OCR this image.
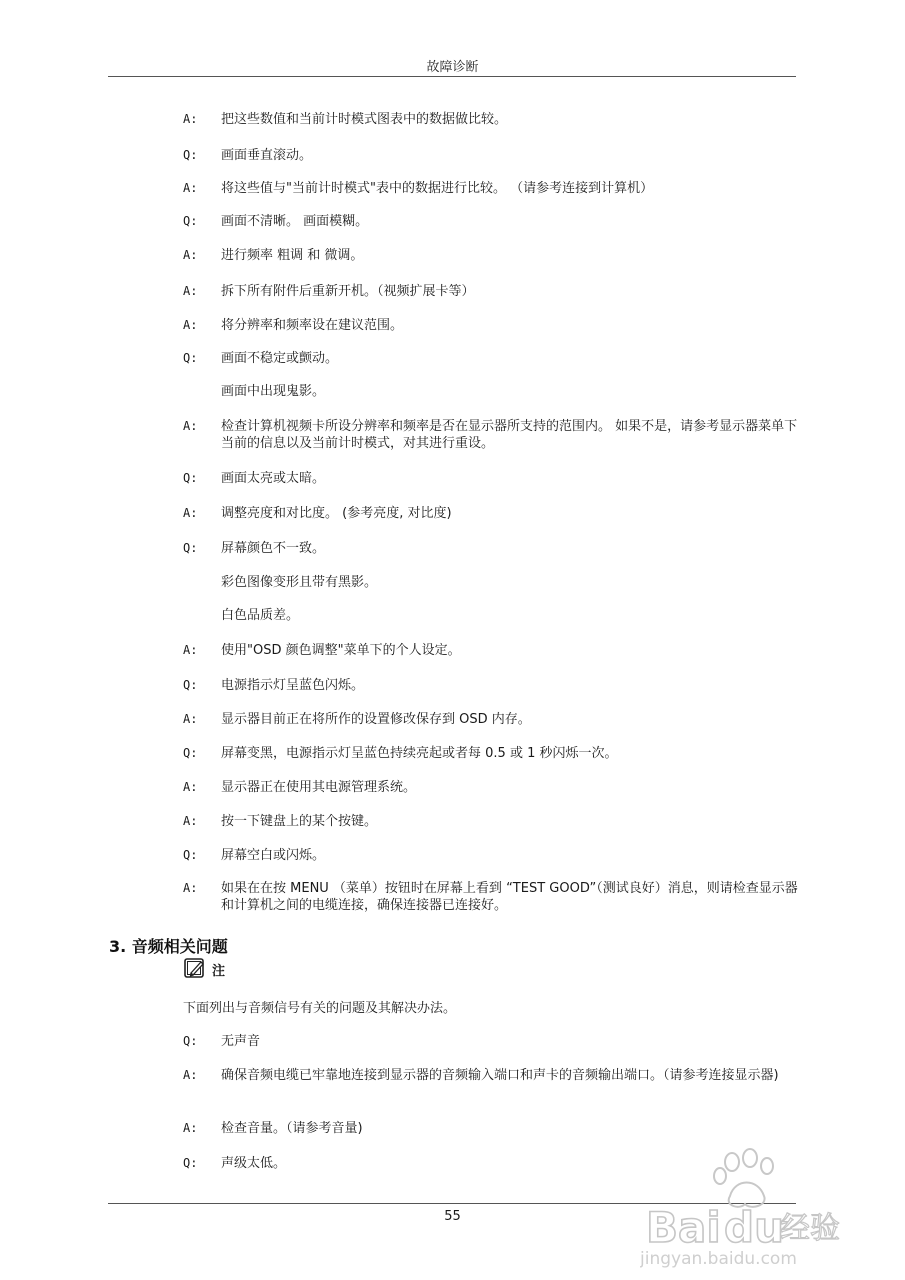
故障诊断
A:	把这些数值和当前计时模式图表中的数据做比较。
Q:	画面垂直滚动。
A:	将这些值与"当前计时模式"表中的数据进行比较。 （请参考连接到计算机）
Q:	画面不清晰。 画面模糊。
A:	进行频率 粗调 和 微调。
A:	拆下所有附件后重新开机。（视频扩展卡等）
A:	将分辨率和频率设在建议范围。
Q:	画面不稳定或颤动。
画面中出现鬼影。
A:	检查计算机视频卡所设分辨率和频率是否在显示器所支持的范围内。 如果不是，请参考显示器菜单下当前的信息以及当前计时模式，对其进行重设。
Q:	画面太亮或太暗。
A:	调整亮度和对比度。 (参考亮度, 对比度)
Q:	屏幕颜色不一致。
彩色图像变形且带有黑影。
白色品质差。
A:	使用"OSD 颜色调整"菜单下的个人设定。
Q:	电源指示灯呈蓝色闪烁。
A:	显示器目前正在将所作的设置修改保存到 OSD 内存。
Q:	屏幕变黑，电源指示灯呈蓝色持续亮起或者每 0.5 或 1 秒闪烁一次。
A:	显示器正在使用其电源管理系统。
A:	按一下键盘上的某个按键。
Q:	屏幕空白或闪烁。
A:	如果在在按 MENU （菜单）按钮时在屏幕上看到 “TEST GOOD”（测试良好）消息，则请检查显示器和计算机之间的电缆连接，确保连接器已连接好。
3. 音频相关问题
注
下面列出与音频信号有关的问题及其解决办法。
Q:	无声音
A:	确保音频电缆已牢靠地连接到显示器的音频输入端口和声卡的音频输出端口。（请参考连接显示器)
A:	检查音量。（请参考音量)
Q:	声级太低。
55	Bai du
经验
jingyan.baidu.com
